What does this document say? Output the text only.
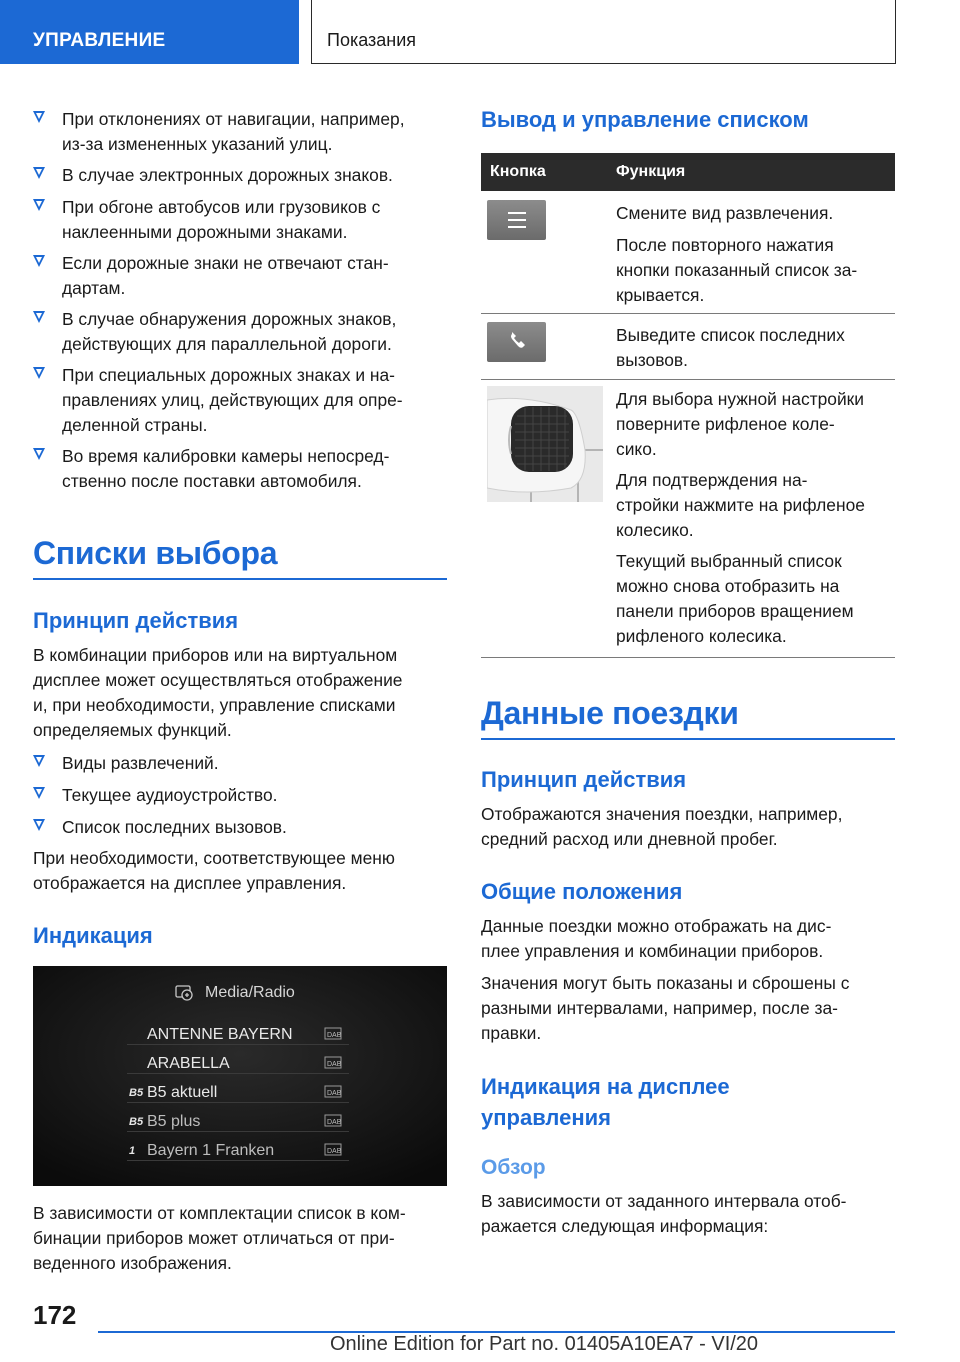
УПРАВЛЕНИЕ	Показания
При отклонениях от навигации, например,
из-за измененных указаний улиц.
В случае электронных дорожных знаков.
При обгоне автобусов или грузовиков с
наклеенными дорожными знаками.
Если дорожные знаки не отвечают стан-
дартам.
В случае обнаружения дорожных знаков,
действующих для параллельной дороги.
При специальных дорожных знаках и на-
правлениях улиц, действующих для опре-
деленной страны.
Во время калибровки камеры непосред-
ственно после поставки автомобиля.
Списки выбора
Принцип действия
В комбинации приборов или на виртуальном
дисплее может осуществляться отображение
и, при необходимости, управление списками
определяемых функций.
Виды развлечений.
Текущее аудиоустройство.
Список последних вызовов.
При необходимости, соответствующее меню
отображается на дисплее управления.
Индикация
Media/Radio
ANTENNE BAYERN	DAB
ARABELLA	DAB
B5 B5 aktuell	DAB
B5 B5 plus	DAB
1 Bayern 1 Franken	DAB
В зависимости от комплектации список в ком-
бинации приборов может отличаться от при-
веденного изображения.
Вывод и управление списком
Кнопка	Функция
Смените вид развлечения.
После повторного нажатия
кнопки показанный список за-
крывается.
Выведите список последних
вызовов.
Для выбора нужной настройки
поверните рифленое коле-
сико.
Для подтверждения на-
стройки нажмите на рифленое
колесико.
Текущий выбранный список
можно снова отобразить на
панели приборов вращением
рифленого колесика.
Данные поездки
Принцип действия
Отображаются значения поездки, например,
средний расход или дневной пробег.
Общие положения
Данные поездки можно отображать на дис-
плее управления и комбинации приборов.
Значения могут быть показаны и сброшены с
разными интервалами, например, после за-
правки.
Индикация на дисплее
управления
Обзор
В зависимости от заданного интервала отоб-
ражается следующая информация:
172
Online Edition for Part no. 01405A10EA7 - VI/20
